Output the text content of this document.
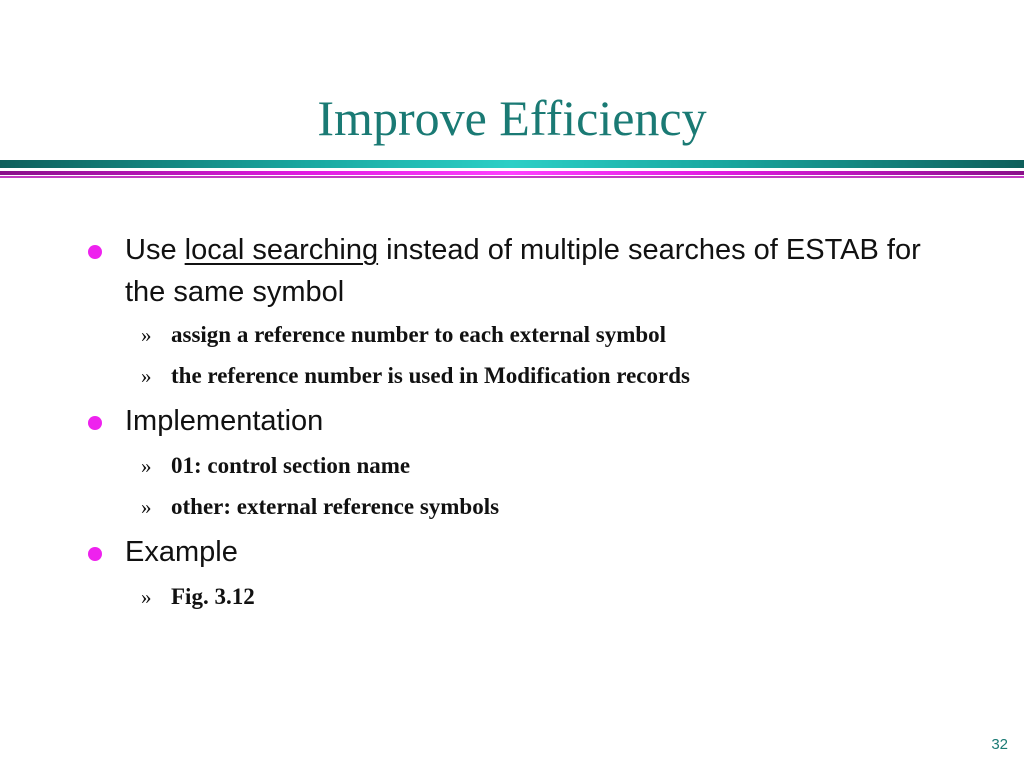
Improve Efficiency
Use local searching instead of multiple searches of ESTAB for the same symbol
» assign a reference number to each external symbol
» the reference number is used in Modification records
Implementation
» 01: control section name
» other: external reference symbols
Example
» Fig. 3.12
32
